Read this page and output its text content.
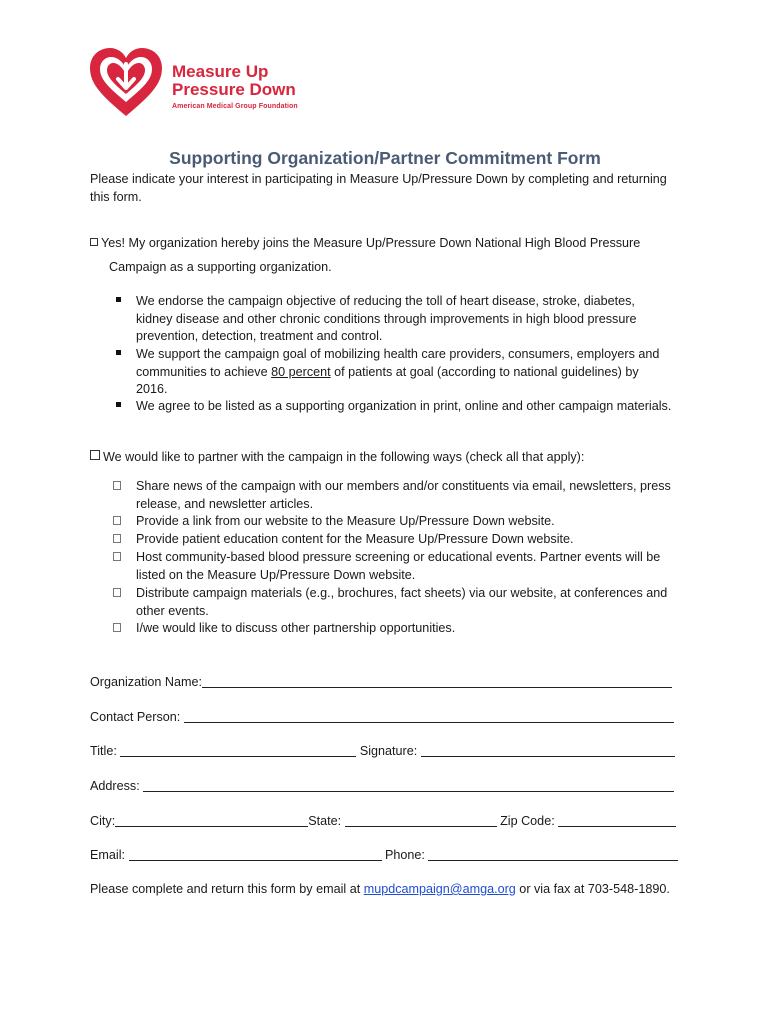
Measure Up
Pressure Down
American Medical Group Foundation
Supporting Organization/Partner Commitment Form
Please indicate your interest in participating in Measure Up/Pressure Down by completing and returning
this form.
Yes! My organization hereby joins the Measure Up/Pressure Down National High Blood Pressure
Campaign as a supporting organization.
We endorse the campaign objective of reducing the toll of heart disease, stroke, diabetes,
kidney disease and other chronic conditions through improvements in high blood pressure
prevention, detection, treatment and control.
We support the campaign goal of mobilizing health care providers, consumers, employers and
communities to achieve 80 percent of patients at goal (according to national guidelines) by
2016.
We agree to be listed as a supporting organization in print, online and other campaign materials.
We would like to partner with the campaign in the following ways (check all that apply):
Share news of the campaign with our members and/or constituents via email, newsletters, press
release, and newsletter articles.
Provide a link from our website to the Measure Up/Pressure Down website.
Provide patient education content for the Measure Up/Pressure Down website.
Host community-based blood pressure screening or educational events. Partner events will be
listed on the Measure Up/Pressure Down website.
Distribute campaign materials (e.g., brochures, fact sheets) via our website, at conferences and
other events.
I/we would like to discuss other partnership opportunities.
Organization Name:
Contact Person:
Title:	Signature:
Address:
City:	State:	Zip Code:
Email:	Phone:
Please complete and return this form by email at mupdcampaign@amga.org or via fax at 703-548-1890.
